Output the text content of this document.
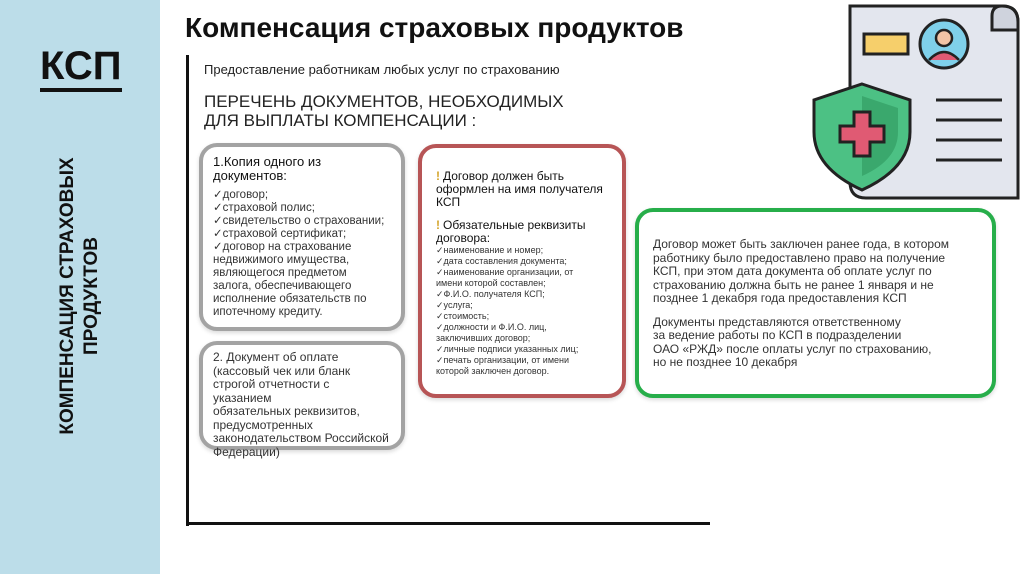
КСП
КОМПЕНСАЦИЯ СТРАХОВЫХ ПРОДУКТОВ
Компенсация страховых продуктов
Предоставление работникам любых услуг по страхованию
ПЕРЕЧЕНЬ ДОКУМЕНТОВ, НЕОБХОДИМЫХ
ДЛЯ ВЫПЛАТЫ КОМПЕНСАЦИИ :
1.Копия одного из
документов:
✓договор;
✓страховой полис;
✓свидетельство о страховании;
✓страховой сертификат;
✓договор на страхование
недвижимого имущества,
являющегося предметом
залога, обеспечивающего
исполнение обязательств по
ипотечному кредиту.
2. Документ об оплате
(кассовый чек или бланк
строгой отчетности с указанием
обязательных реквизитов,
предусмотренных
законодательством Российской
Федерации)
! Договор должен быть
оформлен на имя получателя
КСП
! Обязательные реквизиты
договора:
✓наименование и номер;
✓дата составления документа;
✓наименование организации, от
имени которой составлен;
✓Ф.И.О. получателя КСП;
✓услуга;
✓стоимость;
✓должности и Ф.И.О. лиц,
заключивших договор;
✓личные подписи указанных лиц;
✓печать организации, от имени
которой заключен договор.
Договор может быть заключен ранее года, в котором
работнику было предоставлено право на получение
КСП, при этом дата документа об оплате услуг по
страхованию должна быть не ранее 1 января и не
позднее 1 декабря года предоставления КСП
Документы представляются ответственному
за ведение работы по КСП в подразделении
ОАО «РЖД» после оплаты услуг по страхованию,
но не позднее 10 декабря
